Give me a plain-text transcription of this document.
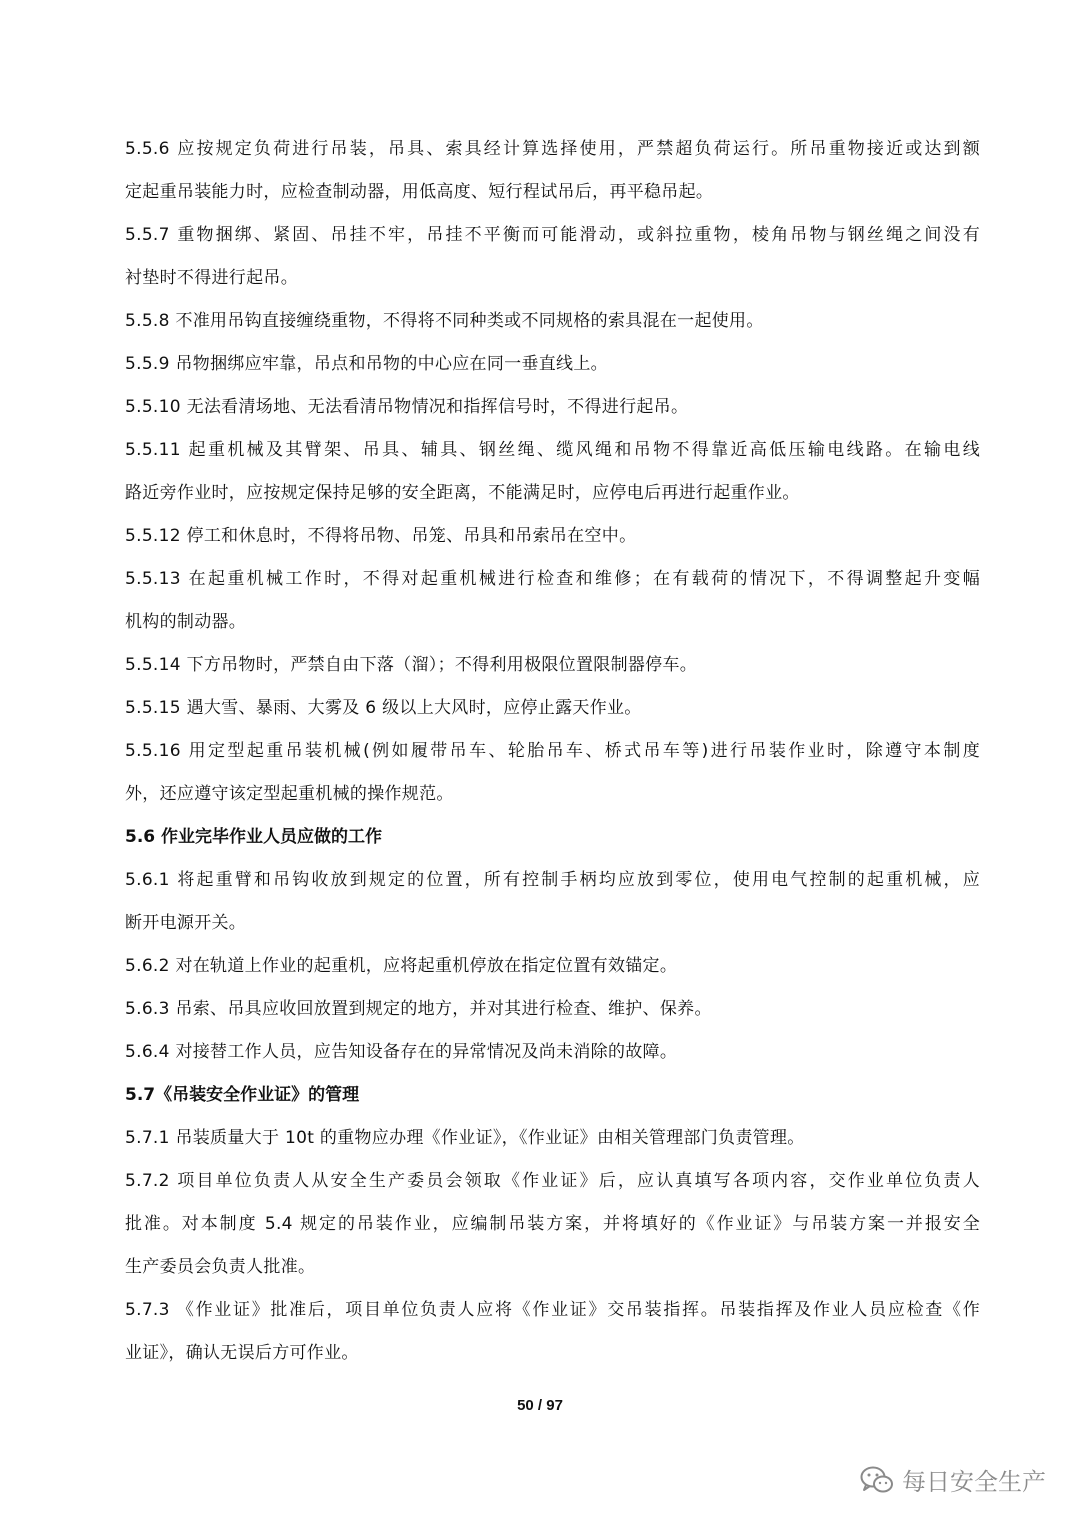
5.5.6 应按规定负荷进行吊装，吊具、索具经计算选择使用，严禁超负荷运行。所吊重物接近或达到额
定起重吊装能力时，应检查制动器，用低高度、短行程试吊后，再平稳吊起。
5.5.7 重物捆绑、紧固、吊挂不牢，吊挂不平衡而可能滑动，或斜拉重物，棱角吊物与钢丝绳之间没有
衬垫时不得进行起吊。
5.5.8 不准用吊钩直接缠绕重物，不得将不同种类或不同规格的索具混在一起使用。
5.5.9 吊物捆绑应牢靠，吊点和吊物的中心应在同一垂直线上。
5.5.10 无法看清场地、无法看清吊物情况和指挥信号时，不得进行起吊。
5.5.11 起重机械及其臂架、吊具、辅具、钢丝绳、缆风绳和吊物不得靠近高低压输电线路。在输电线
路近旁作业时，应按规定保持足够的安全距离，不能满足时，应停电后再进行起重作业。
5.5.12 停工和休息时，不得将吊物、吊笼、吊具和吊索吊在空中。
5.5.13 在起重机械工作时，不得对起重机械进行检查和维修；在有载荷的情况下，不得调整起升变幅
机构的制动器。
5.5.14 下方吊物时，严禁自由下落（溜）；不得利用极限位置限制器停车。
5.5.15 遇大雪、暴雨、大雾及 6 级以上大风时，应停止露天作业。
5.5.16 用定型起重吊装机械(例如履带吊车、轮胎吊车、桥式吊车等)进行吊装作业时，除遵守本制度
外，还应遵守该定型起重机械的操作规范。
5.6 作业完毕作业人员应做的工作
5.6.1 将起重臂和吊钩收放到规定的位置，所有控制手柄均应放到零位，使用电气控制的起重机械，应
断开电源开关。
5.6.2 对在轨道上作业的起重机，应将起重机停放在指定位置有效锚定。
5.6.3 吊索、吊具应收回放置到规定的地方，并对其进行检查、维护、保养。
5.6.4 对接替工作人员，应告知设备存在的异常情况及尚未消除的故障。
5.7《吊装安全作业证》的管理
5.7.1 吊装质量大于 10t 的重物应办理《作业证》，《作业证》由相关管理部门负责管理。
5.7.2 项目单位负责人从安全生产委员会领取《作业证》后，应认真填写各项内容，交作业单位负责人
批准。对本制度 5.4 规定的吊装作业，应编制吊装方案，并将填好的《作业证》与吊装方案一并报安全
生产委员会负责人批准。
5.7.3 《作业证》批准后，项目单位负责人应将《作业证》交吊装指挥。吊装指挥及作业人员应检查《作
业证》，确认无误后方可作业。
50 / 97
每日安全生产
